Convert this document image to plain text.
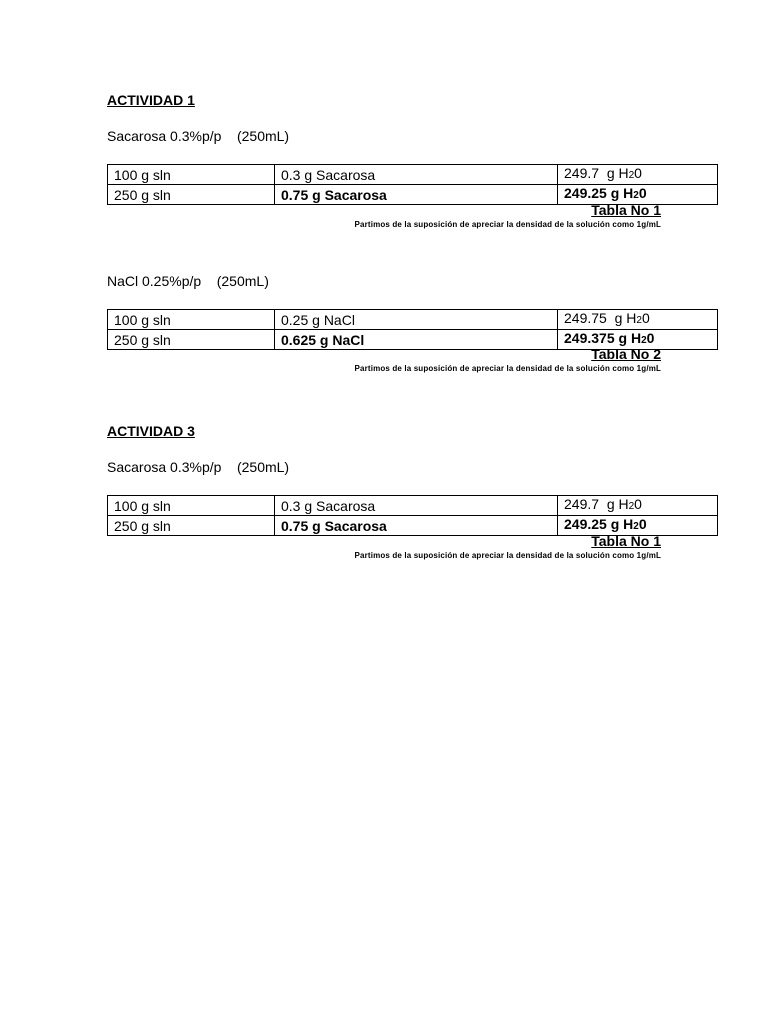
ACTIVIDAD 1

Sacarosa 0.3%p/p    (250mL)

100 g sln	0.3 g Sacarosa	249.7  g H20
250 g sln	0.75 g Sacarosa	249.25 g H20

Tabla No 1

Partimos de la suposición de apreciar la densidad de la solución como 1g/mL

NaCl 0.25%p/p    (250mL)

100 g sln	0.25 g NaCl	249.75  g H20
250 g sln	0.625 g NaCl	249.375 g H20

Tabla No 2

Partimos de la suposición de apreciar la densidad de la solución como 1g/mL

ACTIVIDAD 3

Sacarosa 0.3%p/p    (250mL)

100 g sln	0.3 g Sacarosa	249.7  g H20
250 g sln	0.75 g Sacarosa	249.25 g H20

Tabla No 1

Partimos de la suposición de apreciar la densidad de la solución como 1g/mL
